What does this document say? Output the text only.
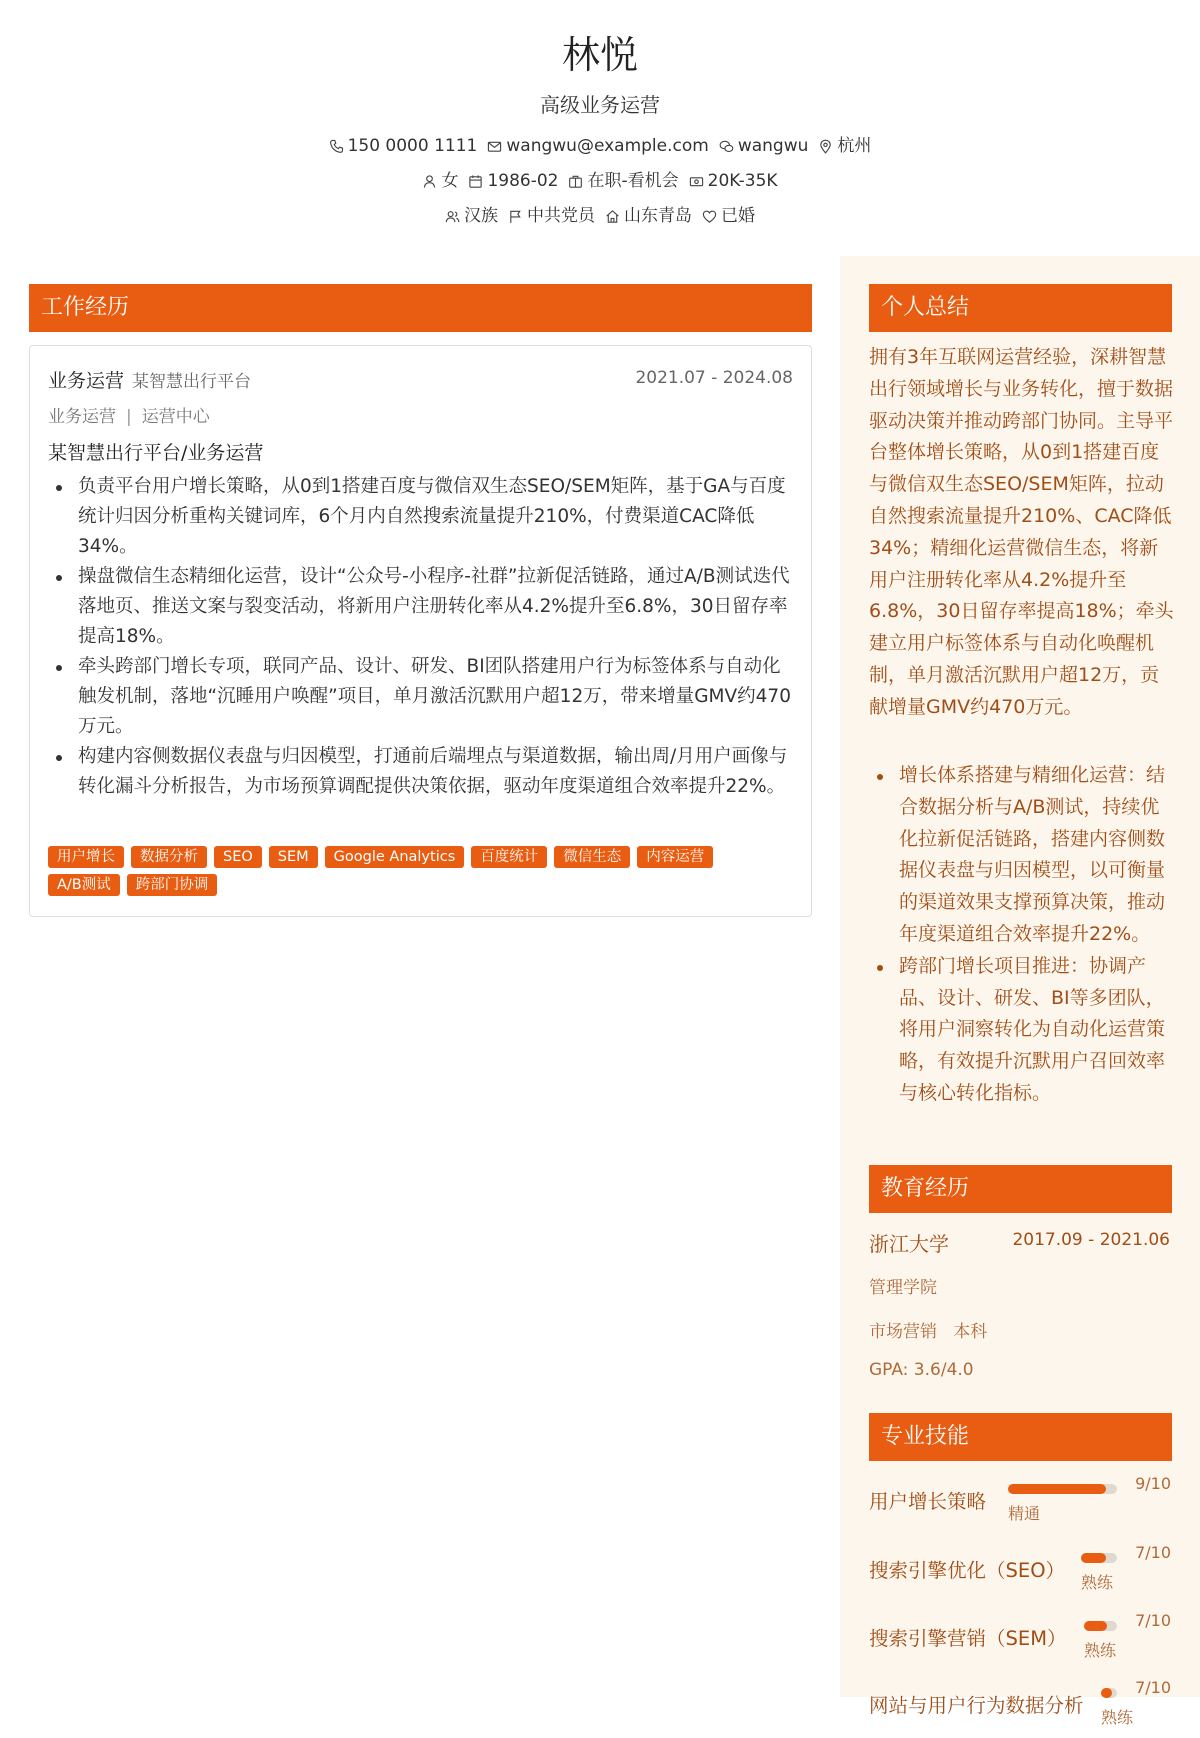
林悦
高级业务运营
150 0000 1111 wangwu@example.com wangwu 杭州
女 1986-02 在职-看机会 20K-35K
汉族 中共党员 山东青岛 已婚
工作经历
业务运营 某智慧出行平台	2021.07 - 2024.08
业务运营 | 运营中心
某智慧出行平台/业务运营
负责平台用户增长策略，从0到1搭建百度与微信双生态SEO/SEM矩阵，基于GA与百度统计归因分析重构关键词库，6个月内自然搜索流量提升210%，付费渠道CAC降低34%。
操盘微信生态精细化运营，设计“公众号-小程序-社群”拉新促活链路，通过A/B测试迭代落地页、推送文案与裂变活动，将新用户注册转化率从4.2%提升至6.8%，30日留存率提高18%。
牵头跨部门增长专项，联同产品、设计、研发、BI团队搭建用户行为标签体系与自动化触发机制，落地“沉睡用户唤醒”项目，单月激活沉默用户超12万，带来增量GMV约470万元。
构建内容侧数据仪表盘与归因模型，打通前后端埋点与渠道数据，输出周/月用户画像与转化漏斗分析报告，为市场预算调配提供决策依据，驱动年度渠道组合效率提升22%。
用户增长	数据分析	SEO	SEM	Google Analytics	百度统计	微信生态	内容运营
A/B测试	跨部门协调
个人总结
拥有3年互联网运营经验，深耕智慧出行领域增长与业务转化，擅于数据驱动决策并推动跨部门协同。主导平台整体增长策略，从0到1搭建百度与微信双生态SEO/SEM矩阵，拉动自然搜索流量提升210%、CAC降低34%；精细化运营微信生态，将新用户注册转化率从4.2%提升至6.8%，30日留存率提高18%；牵头建立用户标签体系与自动化唤醒机制，单月激活沉默用户超12万，贡献增量GMV约470万元。
增长体系搭建与精细化运营：结合数据分析与A/B测试，持续优化拉新促活链路，搭建内容侧数据仪表盘与归因模型，以可衡量的渠道效果支撑预算决策，推动年度渠道组合效率提升22%。
跨部门增长项目推进：协调产品、设计、研发、BI等多团队，将用户洞察转化为自动化运营策略，有效提升沉默用户召回效率与核心转化指标。
教育经历
浙江大学	2017.09 - 2021.06
管理学院
市场营销   本科
GPA: 3.6/4.0
专业技能
用户增长策略
9/10
精通
搜索引擎优化（SEO）
7/10
熟练
搜索引擎营销（SEM）
7/10
熟练
网站与用户行为数据分析
7/10
熟练
